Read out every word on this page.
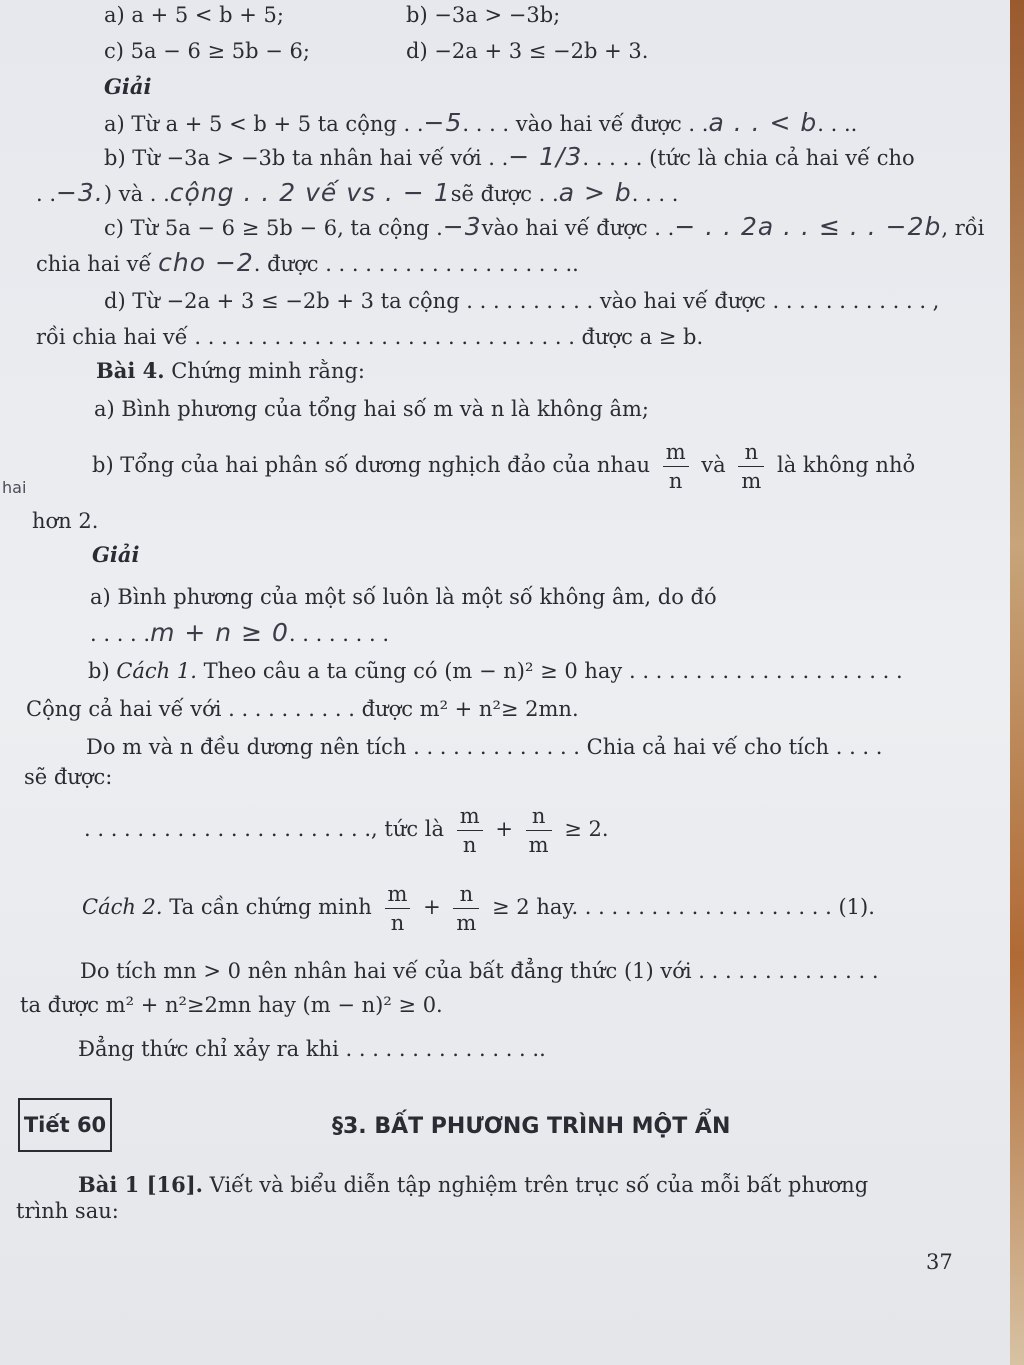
a) a + 5 < b + 5;	b) −3a > −3b;
c) 5a − 6 ≥ 5b − 6;	d) −2a + 3 ≤ −2b + 3.
Giải
a) Từ a + 5 < b + 5 ta cộng . .−5. . . . vào hai vế được . .a . . < b. . ..
b) Từ −3a > −3b ta nhân hai vế với . .− 1/3. . . . . (tức là chia cả hai vế cho
. .−3.) và . .cộng . . 2 vế vs . − 1sẽ được . .a > b. . . .
c) Từ 5a − 6 ≥ 5b − 6, ta cộng .−3vào hai vế được . .− . . 2a . . ≤ . . −2b, rồi
chia hai vế cho −2. được . . . . . . . . . . . . . . . . . . ..
d) Từ −2a + 3 ≤ −2b + 3 ta cộng . . . . . . . . . . vào hai vế được . . . . . . . . . . . . ,
rồi chia hai vế . . . . . . . . . . . . . . . . . . . . . . . . . . . . . được a ≥ b.
Bài 4. Chứng minh rằng:
a) Bình phương của tổng hai số m và n là không âm;
b) Tổng của hai phân số dương nghịch đảo của nhau $\frac{m}{n}$ và $\frac{n}{m}$ là không nhỏ
hơn 2.
Giải
a) Bình phương của một số luôn là một số không âm, do đó
. . . . .m + n ≥ 0. . . . . . . .
b) Cách 1. Theo câu a ta cũng có (m − n)² ≥ 0 hay . . . . . . . . . . . . . . . . . . . . .
Cộng cả hai vế với . . . . . . . . . . được m² + n²≥ 2mn.
Do m và n đều dương nên tích . . . . . . . . . . . . . Chia cả hai vế cho tích . . . .
sẽ được:
. . . . . . . . . . . . . . . . . . . . . ., tức là $\frac{m}{n} + \frac{n}{m} \ge 2$.
Cách 2. Ta cần chứng minh $\frac{m}{n} + \frac{n}{m} \ge 2$ hay. . . . . . . . . . . . . . . . . . . . (1).
Do tích mn > 0 nên nhân hai vế của bất đẳng thức (1) với . . . . . . . . . . . . . .
ta được m² + n²≥2mn hay (m − n)² ≥ 0.
Đẳng thức chỉ xảy ra khi . . . . . . . . . . . . . . ..
Tiết 60	§3. BẤT PHƯƠNG TRÌNH MỘT ẨN
Bài 1 [16]. Viết và biểu diễn tập nghiệm trên trục số của mỗi bất phương
trình sau:
37
hai
